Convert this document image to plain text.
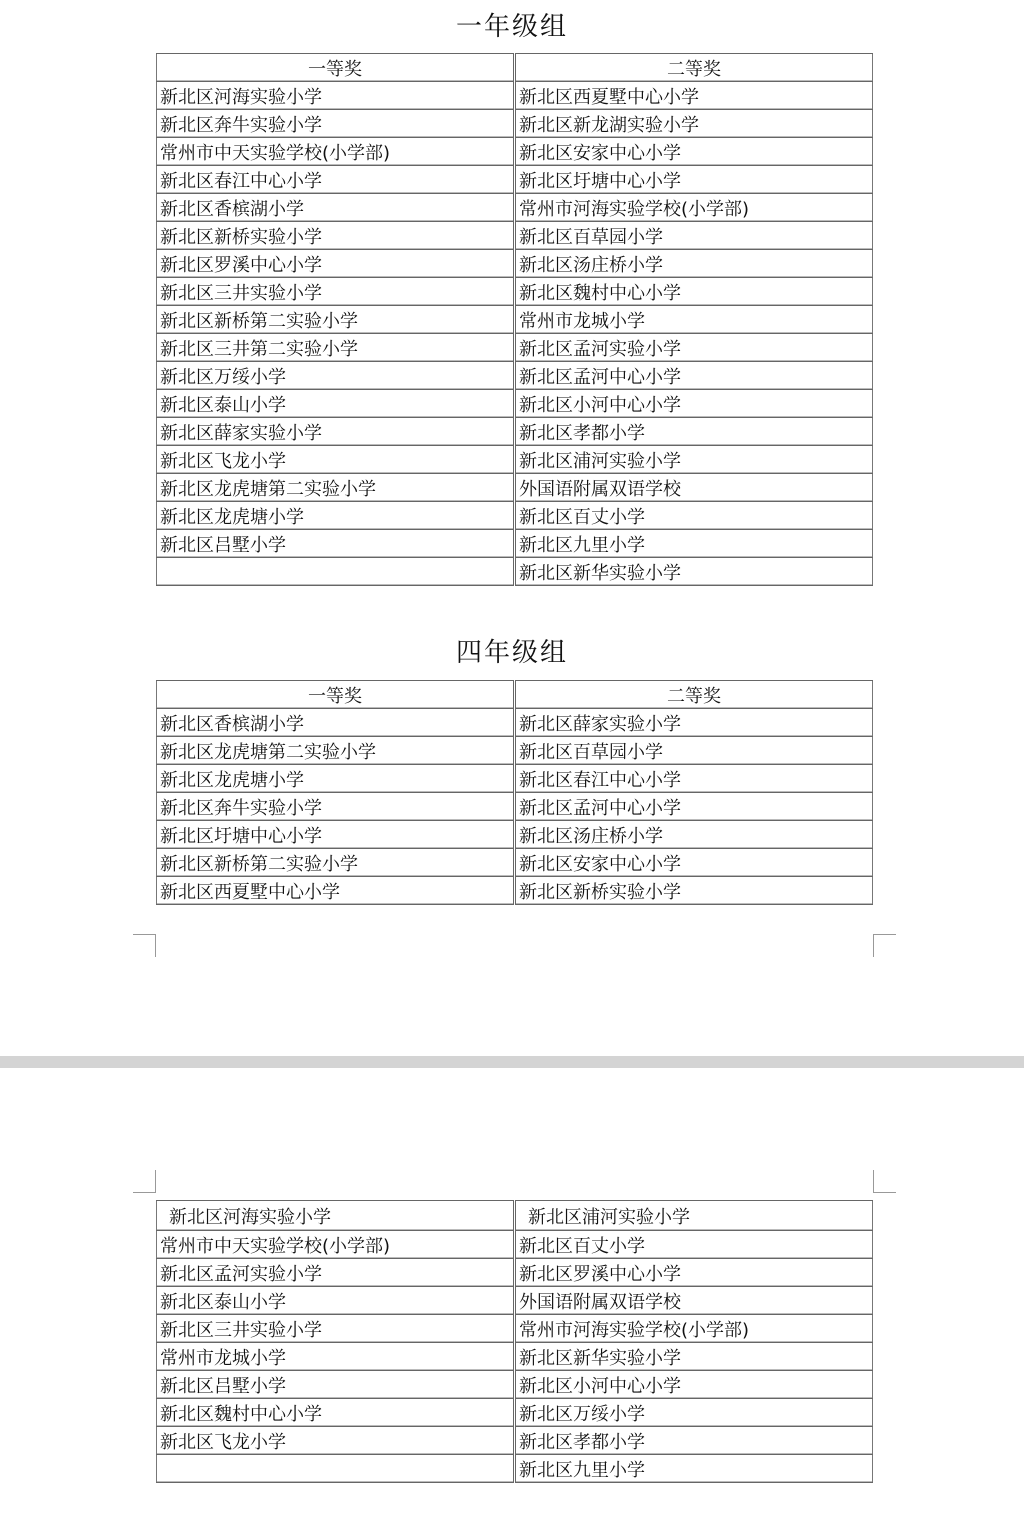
一年级组
一等奖	二等奖
新北区河海实验小学	新北区西夏墅中心小学
新北区奔牛实验小学	新北区新龙湖实验小学
常州市中天实验学校(小学部)	新北区安家中心小学
新北区春江中心小学	新北区圩塘中心小学
新北区香槟湖小学	常州市河海实验学校(小学部)
新北区新桥实验小学	新北区百草园小学
新北区罗溪中心小学	新北区汤庄桥小学
新北区三井实验小学	新北区魏村中心小学
新北区新桥第二实验小学	常州市龙城小学
新北区三井第二实验小学	新北区孟河实验小学
新北区万绥小学	新北区孟河中心小学
新北区泰山小学	新北区小河中心小学
新北区薛家实验小学	新北区孝都小学
新北区飞龙小学	新北区浦河实验小学
新北区龙虎塘第二实验小学	外国语附属双语学校
新北区龙虎塘小学	新北区百丈小学
新北区吕墅小学	新北区九里小学
	新北区新华实验小学
四年级组
一等奖	二等奖
新北区香槟湖小学	新北区薛家实验小学
新北区龙虎塘第二实验小学	新北区百草园小学
新北区龙虎塘小学	新北区春江中心小学
新北区奔牛实验小学	新北区孟河中心小学
新北区圩塘中心小学	新北区汤庄桥小学
新北区新桥第二实验小学	新北区安家中心小学
新北区西夏墅中心小学	新北区新桥实验小学
新北区河海实验小学	新北区浦河实验小学
常州市中天实验学校(小学部)	新北区百丈小学
新北区孟河实验小学	新北区罗溪中心小学
新北区泰山小学	外国语附属双语学校
新北区三井实验小学	常州市河海实验学校(小学部)
常州市龙城小学	新北区新华实验小学
新北区吕墅小学	新北区小河中心小学
新北区魏村中心小学	新北区万绥小学
新北区飞龙小学	新北区孝都小学
	新北区九里小学
